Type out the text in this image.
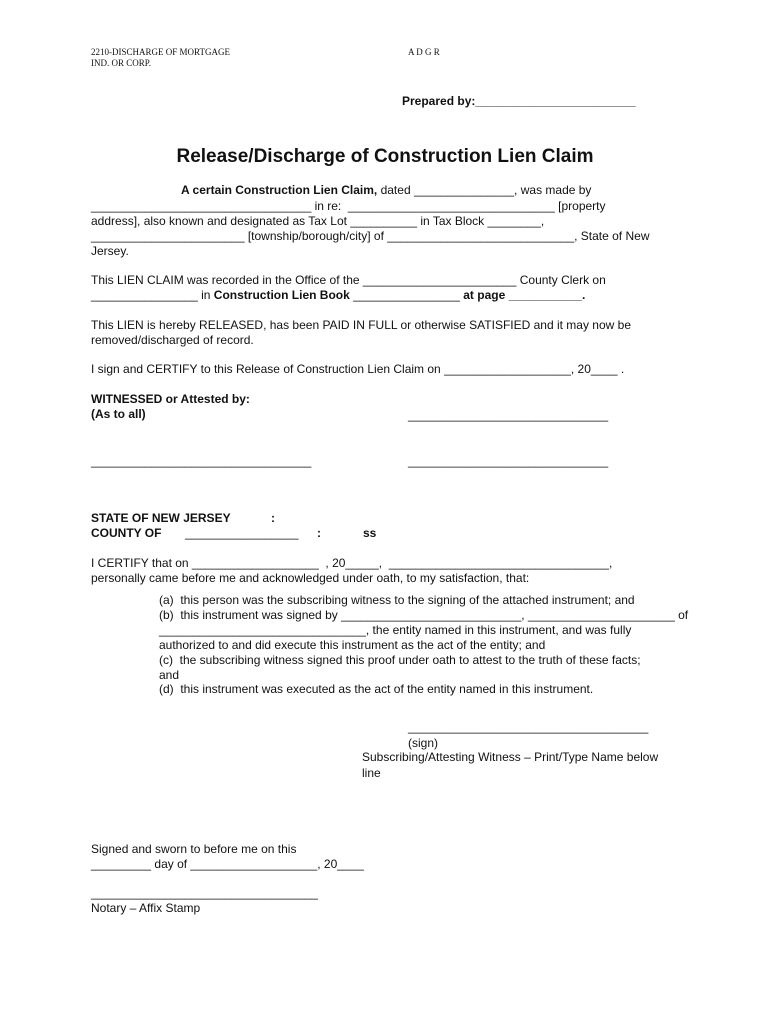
2210-DISCHARGE OF MORTGAGE
IND. OR CORP.
A D G R
Prepared by:________________________
Release/Discharge of Construction Lien Claim
A certain Construction Lien Claim, dated _______________, was made by
_________________________________ in re:  _______________________________ [property
address], also known and designated as Tax Lot __________ in Tax Block ________,
_______________________ [township/borough/city] of ____________________________, State of New
Jersey.
This LIEN CLAIM was recorded in the Office of the _______________________ County Clerk on
________________ in Construction Lien Book ________________ at page ___________.
This LIEN is hereby RELEASED, has been PAID IN FULL or otherwise SATISFIED and it may now be
removed/discharged of record.
I sign and CERTIFY to this Release of Construction Lien Claim on ___________________, 20____ .
WITNESSED or Attested by:
(As to all)	______________________________
_________________________________	______________________________
STATE OF NEW JERSEY	:
COUNTY OF _________________ :	ss
I CERTIFY that on ___________________  , 20_____,  _________________________________,
personally came before me and acknowledged under oath, to my satisfaction, that:
(a)  this person was the subscribing witness to the signing of the attached instrument; and
(b)  this instrument was signed by ___________________________, ______________________ of
_______________________________, the entity named in this instrument, and was fully
authorized to and did execute this instrument as the act of the entity; and
(c)  the subscribing witness signed this proof under oath to attest to the truth of these facts;
and
(d)  this instrument was executed as the act of the entity named in this instrument.
____________________________________
(sign)
Subscribing/Attesting Witness – Print/Type Name below
line
Signed and sworn to before me on this
_________ day of ___________________, 20____
__________________________________
Notary – Affix Stamp
